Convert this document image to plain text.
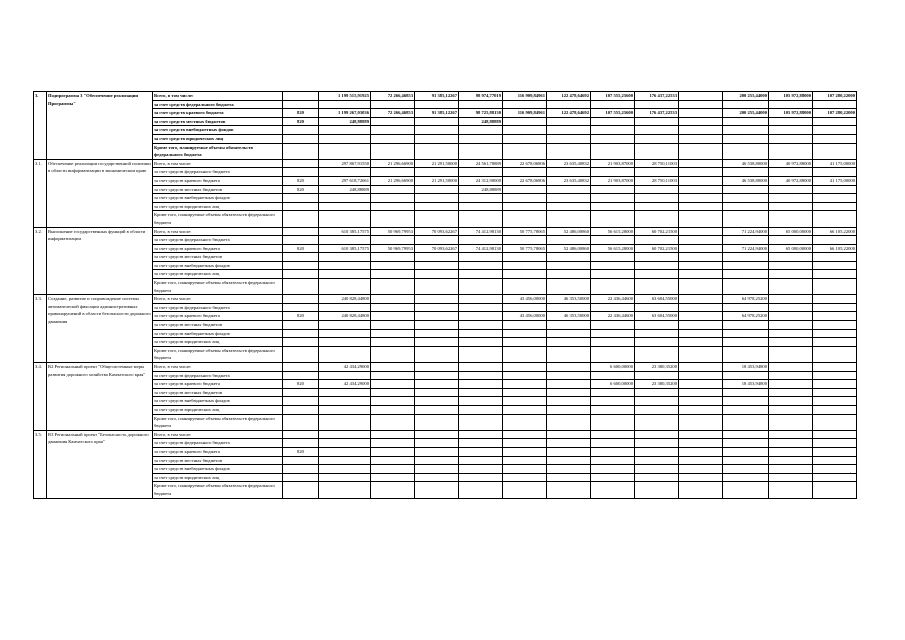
3.	Подпрограмма 3 "Обеспечение реализации Программы"	Всего, в том числе:		1 199 515,91925	72 266,46853	91 385,12267	98 974,77019	116 909,84961	122 478,64692	107 555,25600	176 437,22533		200 255,44000	105 972,88000	107 280,22000
		за счет средств федерального бюджета													
		за счет средств краевого бюджета	820	1 199 267,03036	72 266,46853	91 385,12267	98 725,88130	116 909,84961	122 478,64692	107 555,25600	176 437,22533		200 255,44000	105 972,88000	107 280,22000
		за счет средств местных бюджетов	820	248,88889			248,88889								
		за счет средств внебюджетных фондов													
		за счет средств юридических лиц													
		Кроме того, планируемые объемы обязательств федерального бюджета													
3.1.	Обеспечение реализации государственной политики в области информатизации в экономическом краю	Всего, в том числе:		297 867,91550	21 296,66900	21 291,50000	24 561,78889	22 678,06806	23 635,40832	21 903,87000	28 750,11003		46 538,80000	40 972,88000	41 175,00000
		за счет средств федерального бюджета													
		за счет средств краевого бюджета	820	297 618,72661	21 296,66900	21 291,50000	24 312,90000	22 678,06806	23 635,40832	21 903,87000	28 750,11003		46 538,80000	40 972,88000	41 175,00000
		за счет средств местных бюджетов	820	248,88889			248,88889								
		за счет средств внебюджетных фондов													
		за счет средств юридических лиц													
		Кроме того, планируемые объемы обязательств федерального бюджета													
3.2.	Выполнение государственных функций в области информатизации	Всего, в том числе:		610 385,17575	50 969,79953	70 093,62267	74 412,98130	50 775,78065	52 486,00860	56 615,28000	60 702,21500		71 224,94000	65 000,00000	66 105,22000
		за счет средств федерального бюджета													
		за счет средств краевого бюджета	820	610 385,17575	50 969,79953	70 093,62267	74 412,98130	50 775,78065	52 486,00860	56 615,28000	60 702,21500		71 224,94000	65 000,00000	66 105,22000
		за счет средств местных бюджетов													
		за счет средств внебюджетных фондов													
		за счет средств юридических лиц													
		Кроме того, планируемые объемы обязательств федерального бюджета													
3.3.	Создание, развитие и сопровождение системы автоматической фиксации административных правонарушений в области безопасности дорожного движения	Всего, в том числе:		240 828,44800				43 456,00000	46 353,50000	22 436,44600	63 604,55000		64 978,25200		
		за счет средств федерального бюджета													
		за счет средств краевого бюджета	820	240 828,44800				43 456,00000	46 353,50000	22 436,44600	63 604,55000		64 978,25200		
		за счет средств местных бюджетов													
		за счет средств внебюджетных фондов													
		за счет средств юридических лиц													
		Кроме того, планируемые объемы обязательств федерального бюджета													
3.4.	R2 Региональный проект "Общесистемные меры развития дорожного хозяйства Камчатского края"	Всего, в том числе:		42 434,29000						6 600,00000	23 380,35200		18 453,94800		
		за счет средств федерального бюджета													
		за счет средств краевого бюджета	820	42 434,29000						6 600,00000	23 380,35200		18 453,94800		
		за счет средств местных бюджетов													
		за счет средств внебюджетных фондов													
		за счет средств юридических лиц													
		Кроме того, планируемые объемы обязательств федерального бюджета													
3.5.	R3 Региональный проект "Безопасность дорожного движения Камчатского края"	Всего, в том числе:													
		за счет средств федерального бюджета													
		за счет средств краевого бюджета	820												
		за счет средств местных бюджетов													
		за счет средств внебюджетных фондов													
		за счет средств юридических лиц													
		Кроме того, планируемые объемы обязательств федерального бюджета													
.
